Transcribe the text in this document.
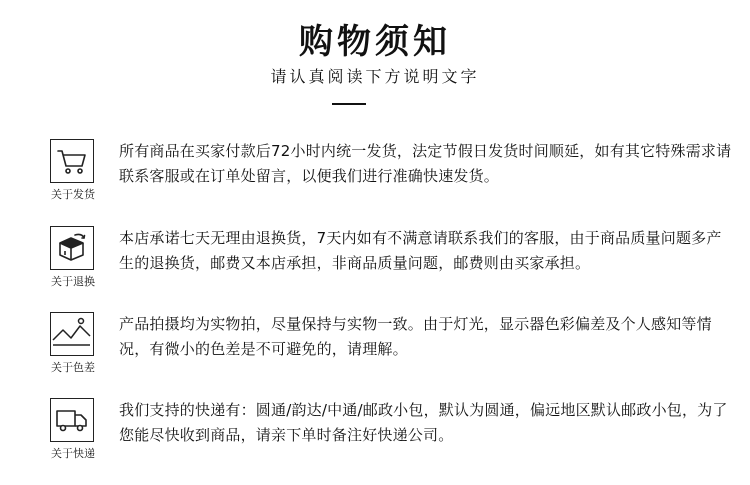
购物须知
请认真阅读下方说明文字
关于发货
所有商品在买家付款后72小时内统一发货，法定节假日发货时间顺延，如有其它特殊需求请联系客服或在订单处留言，以便我们进行准确快速发货。
关于退换
本店承诺七天无理由退换货，7天内如有不满意请联系我们的客服，由于商品质量问题多产生的退换货，邮费又本店承担，非商品质量问题，邮费则由买家承担。
关于色差
产品拍摄均为实物拍，尽量保持与实物一致。由于灯光，显示器色彩偏差及个人感知等情况，有微小的色差是不可避免的，请理解。
关于快递
我们支持的快递有：圆通/韵达/中通/邮政小包，默认为圆通，偏远地区默认邮政小包，为了您能尽快收到商品，请亲下单时备注好快递公司。
